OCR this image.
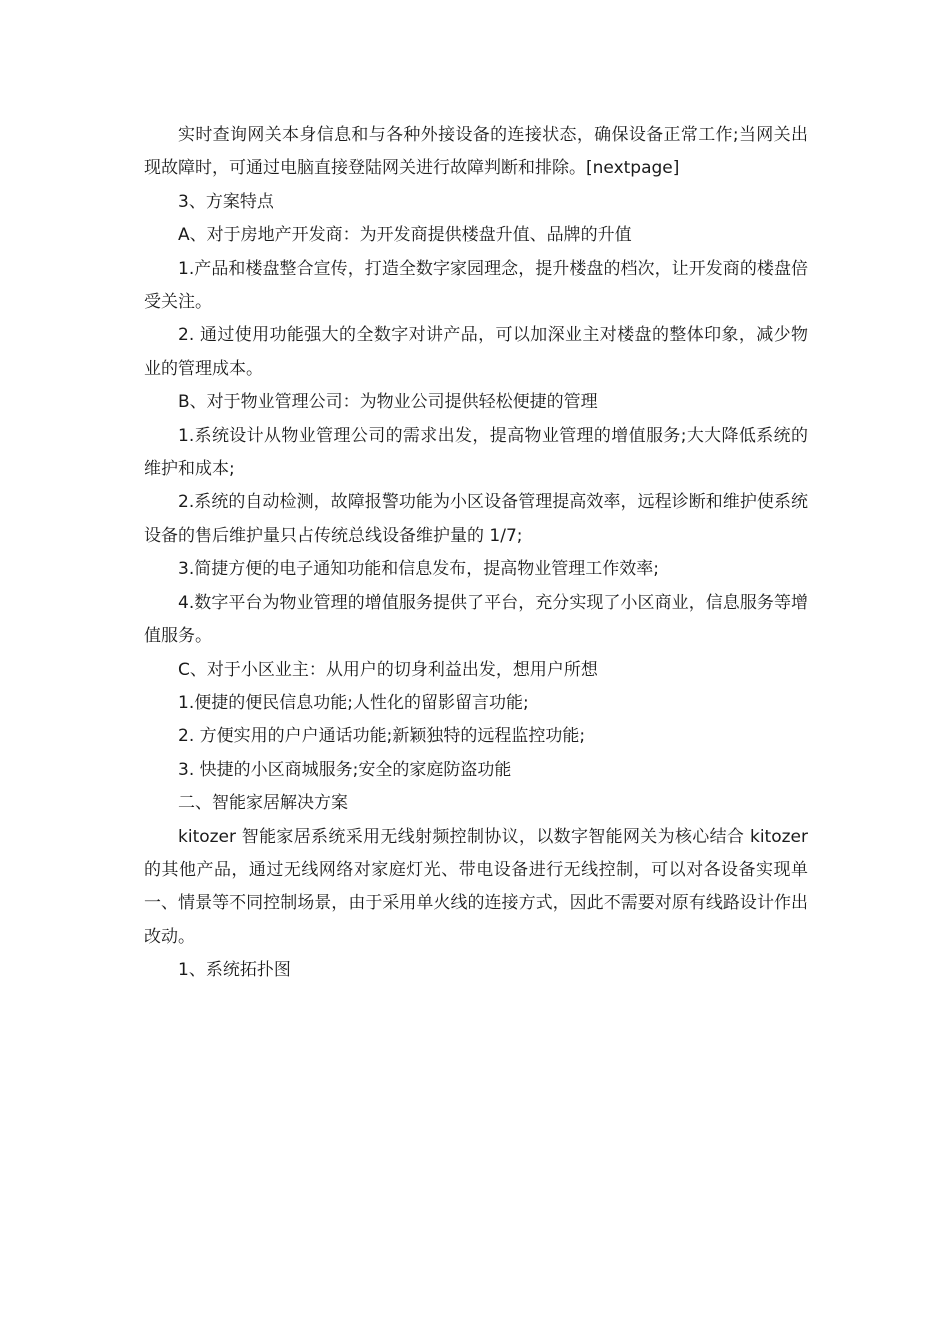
实时查询网关本身信息和与各种外接设备的连接状态，确保设备正常工作;当网关出现故障时，可通过电脑直接登陆网关进行故障判断和排除。[nextpage]

3、方案特点

A、对于房地产开发商：为开发商提供楼盘升值、品牌的升值

1.产品和楼盘整合宣传，打造全数字家园理念，提升楼盘的档次，让开发商的楼盘倍受关注。

2. 通过使用功能强大的全数字对讲产品，可以加深业主对楼盘的整体印象，减少物业的管理成本。

B、对于物业管理公司：为物业公司提供轻松便捷的管理

1.系统设计从物业管理公司的需求出发，提高物业管理的增值服务;大大降低系统的维护和成本;

2.系统的自动检测，故障报警功能为小区设备管理提高效率，远程诊断和维护使系统设备的售后维护量只占传统总线设备维护量的 1/7;

3.简捷方便的电子通知功能和信息发布，提高物业管理工作效率;

4.数字平台为物业管理的增值服务提供了平台，充分实现了小区商业，信息服务等增值服务。

C、对于小区业主：从用户的切身利益出发，想用户所想

1.便捷的便民信息功能;人性化的留影留言功能;

2. 方便实用的户户通话功能;新颖独特的远程监控功能;

3. 快捷的小区商城服务;安全的家庭防盗功能

二、智能家居解决方案

kitozer 智能家居系统采用无线射频控制协议，以数字智能网关为核心结合 kitozer 的其他产品，通过无线网络对家庭灯光、带电设备进行无线控制，可以对各设备实现单一、情景等不同控制场景，由于采用单火线的连接方式，因此不需要对原有线路设计作出改动。

1、系统拓扑图
